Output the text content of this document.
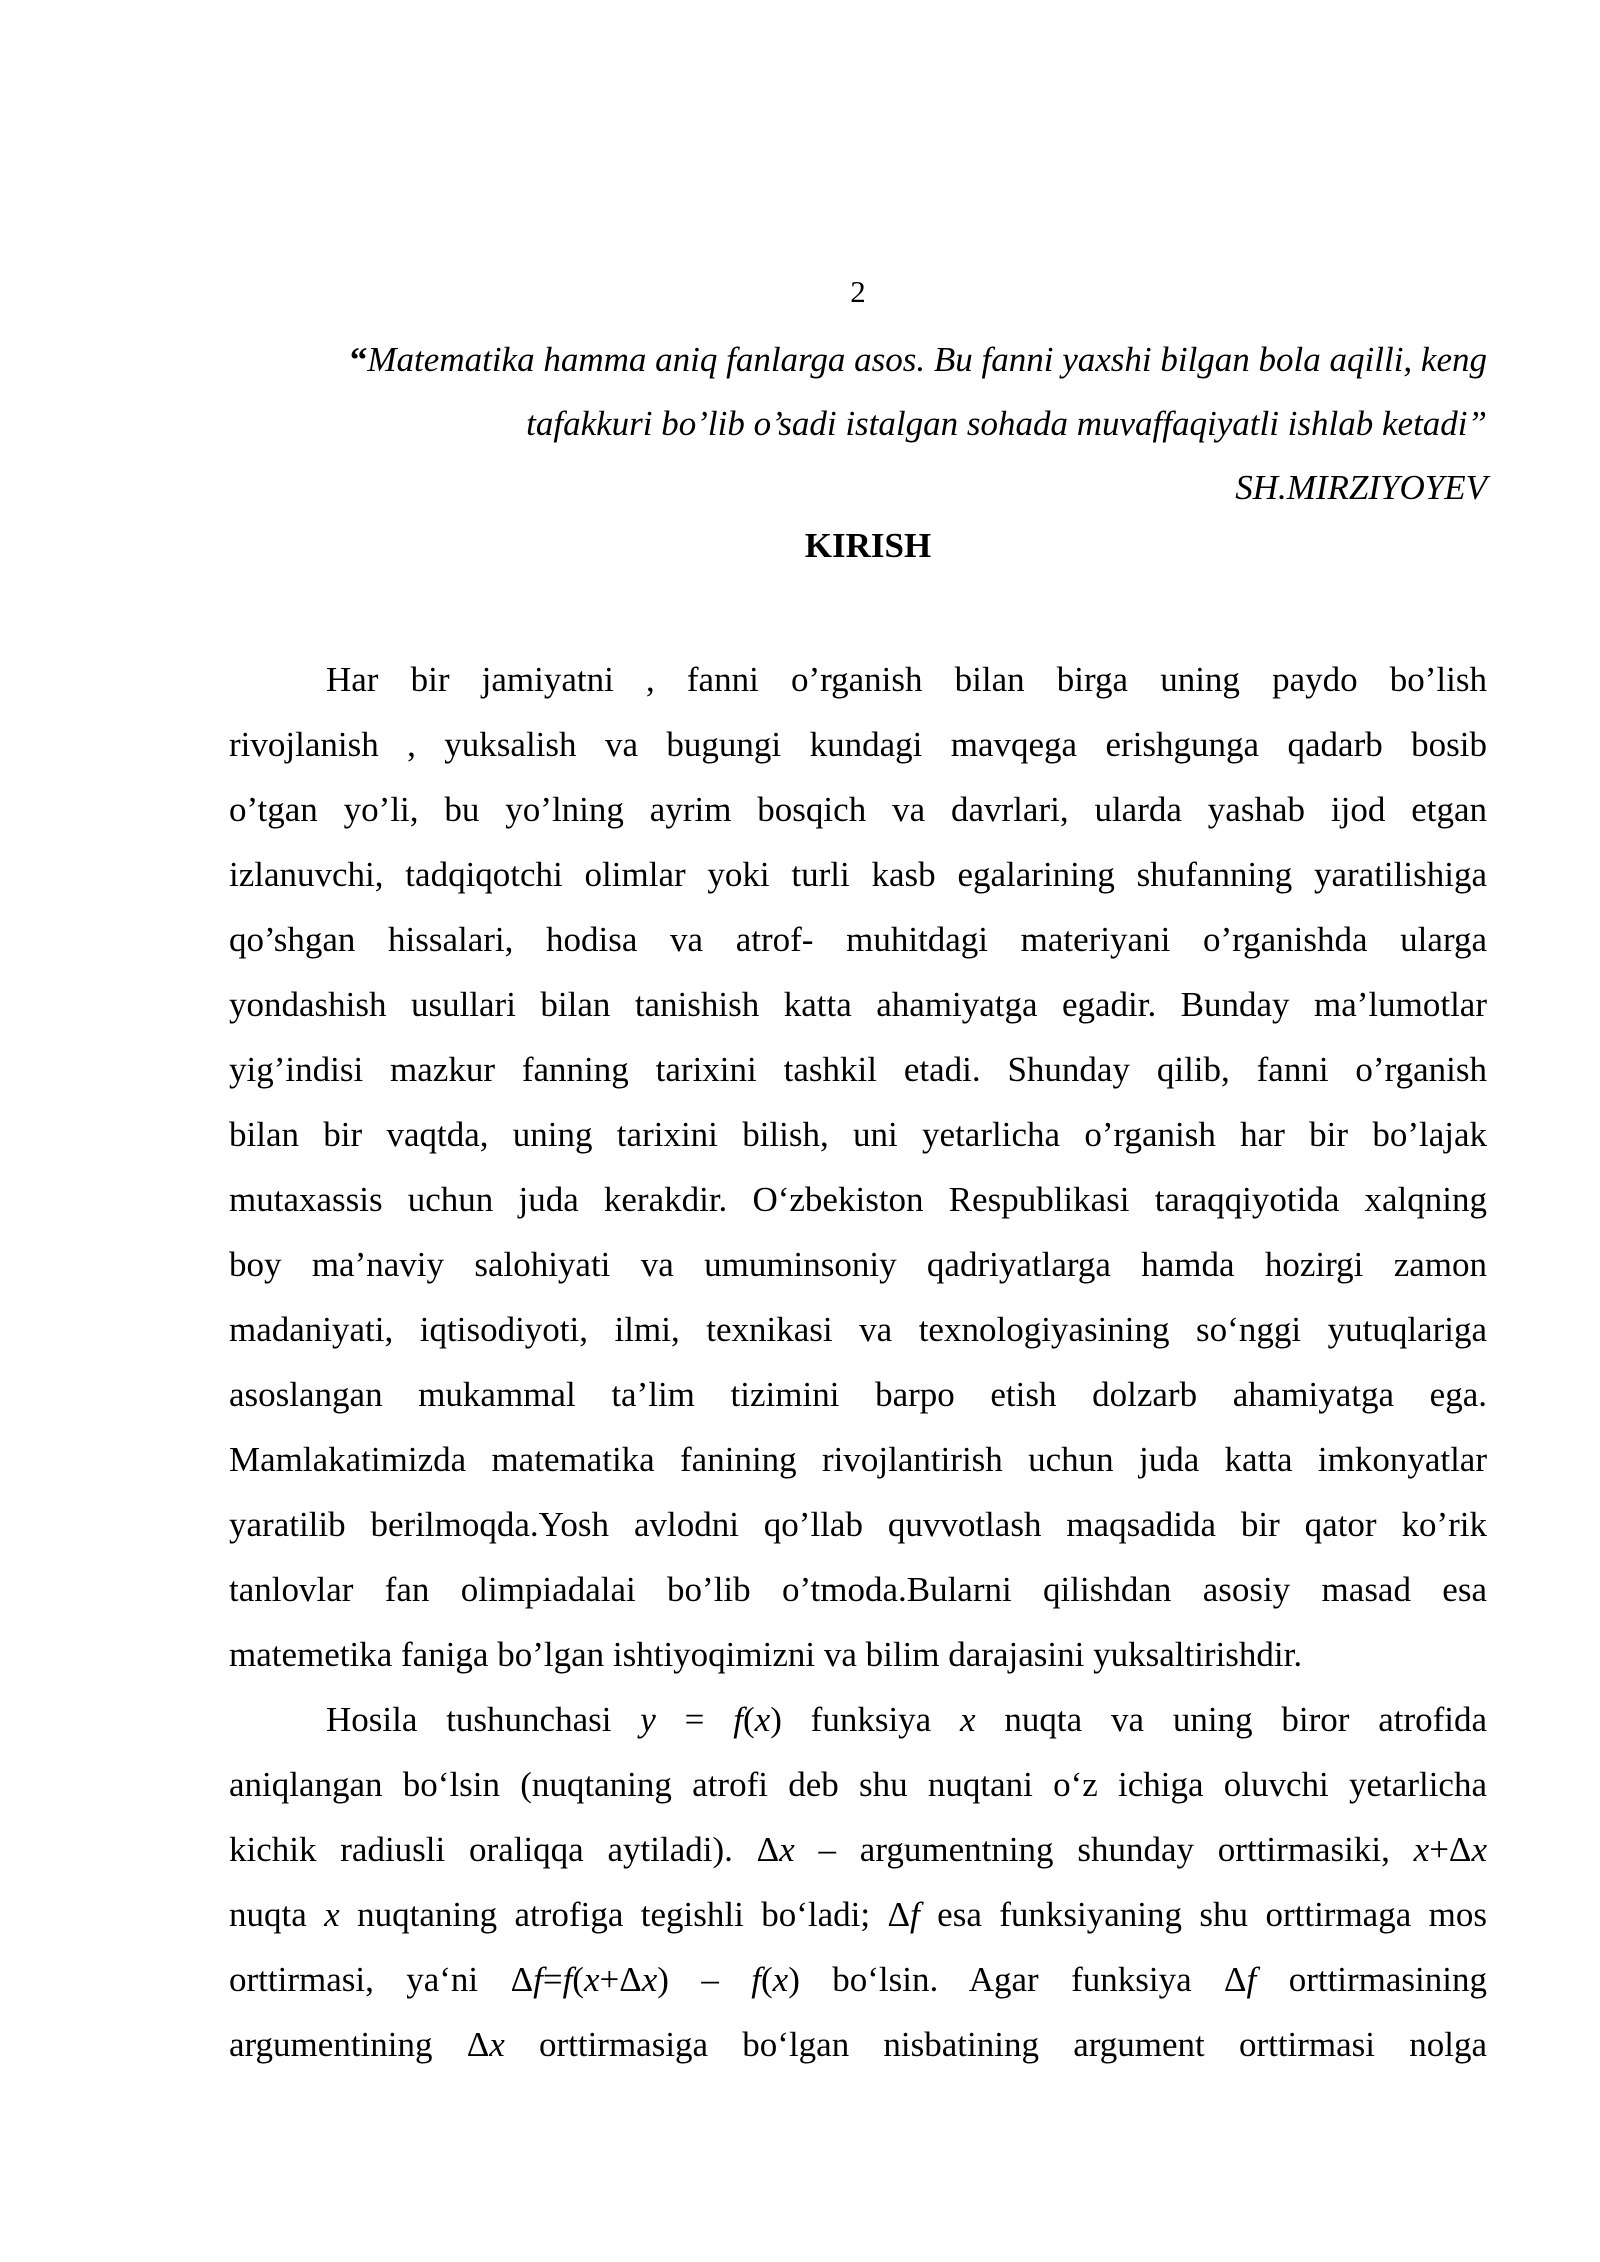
2
“Matematika hamma aniq fanlarga asos. Bu fanni yaxshi bilgan bola aqilli, keng
tafakkuri bo’lib o’sadi istalgan sohada muvaffaqiyatli ishlab ketadi”
SH.MIRZIYOYEV
KIRISH
Har bir jamiyatni , fanni o’rganish bilan birga uning paydo bo’lish
rivojlanish , yuksalish va bugungi kundagi mavqega erishgunga qadarb bosib
o’tgan yo’li, bu yo’lning ayrim bosqich va davrlari, ularda yashab ijod etgan
izlanuvchi, tadqiqotchi olimlar yoki turli kasb egalarining shufanning yaratilishiga
qo’shgan hissalari, hodisa va atrof- muhitdagi materiyani o’rganishda ularga
yondashish usullari bilan tanishish katta ahamiyatga egadir. Bunday ma’lumotlar
yig’indisi mazkur fanning tarixini tashkil etadi. Shunday qilib, fanni o’rganish
bilan bir vaqtda, uning tarixini bilish, uni yetarlicha o’rganish har bir bo’lajak
mutaxassis uchun juda kerakdir. O‘zbekiston Respublikasi taraqqiyotida xalqning
boy ma’naviy salohiyati va umuminsoniy qadriyatlarga hamda hozirgi zamon
madaniyati, iqtisodiyoti, ilmi, texnikasi va texnologiyasining so‘nggi yutuqlariga
asoslangan mukammal ta’lim tizimini barpo etish dolzarb ahamiyatga ega.
Mamlakatimizda matematika fanining rivojlantirish uchun juda katta imkonyatlar
yaratilib berilmoqda.Yosh avlodni qo’llab quvvotlash maqsadida bir qator ko’rik
tanlovlar fan olimpiadalai bo’lib o’tmoda.Bularni qilishdan asosiy masad esa
matemetika faniga bo’lgan ishtiyoqimizni va bilim darajasini yuksaltirishdir.
Hosila tushunchasi y = f(x) funksiya x nuqta va uning biror atrofida
aniqlangan bo‘lsin (nuqtaning atrofi deb shu nuqtani o‘z ichiga oluvchi yetarlicha
kichik radiusli oraliqqa aytiladi). Δx – argumentning shunday orttirmasiki, x+Δx
nuqta x nuqtaning atrofiga tegishli bo‘ladi; Δf esa funksiyaning shu orttirmaga mos
orttirmasi, ya‘ni Δf=f(x+Δx) – f(x) bo‘lsin. Agar funksiya Δf orttirmasining
argumentining Δx orttirmasiga bo‘lgan nisbatining argument orttirmasi nolga
